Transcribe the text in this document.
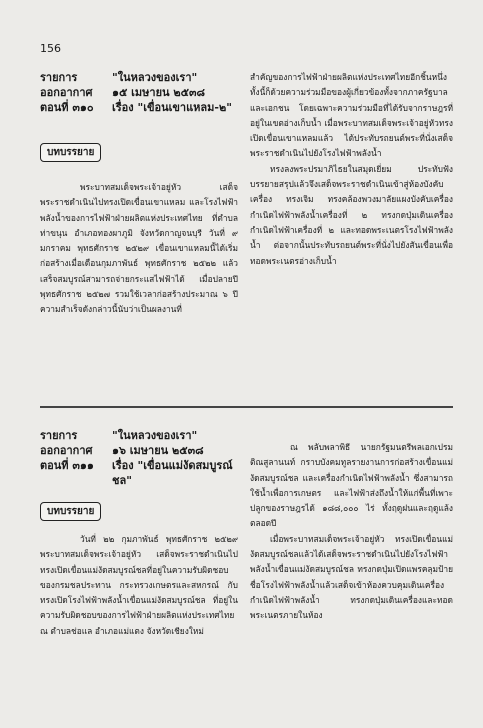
156
รายการ	"ในหลวงของเรา"
ออกอากาศ ๑๕ เมษายน ๒๕๓๘
ตอนที่ ๓๑๐ เรื่อง "เขื่อนเขาแหลม-๒"
บทบรรยาย

พระบาทสมเด็จพระเจ้าอยู่หัว เสด็จพระราชดำเนินไปทรงเปิดเขื่อนเขาแหลม และโรงไฟฟ้าพลังน้ำของการไฟฟ้าฝ่ายผลิตแห่งประเทศไทย ที่ตำบลท่าขนุน อำเภอทองผาภูมิ จังหวัดกาญจนบุรี วันที่ ๙ มกราคม พุทธศักราช ๒๕๒๙ เขื่อนเขาแหลมนี้ได้เริ่มก่อสร้างเมื่อเดือนกุมภาพันธ์ พุทธศักราช ๒๕๒๒ แล้วเสร็จสมบูรณ์สามารถจ่ายกระแสไฟฟ้าได้ เมื่อปลายปีพุทธศักราช ๒๕๒๗ รวมใช้เวลาก่อสร้างประมาณ ๖ ปี ความสำเร็จดังกล่าวนี้นับว่าเป็นผลงานที่

สำคัญของการไฟฟ้าฝ่ายผลิตแห่งประเทศไทยอีกชิ้นหนึ่ง ทั้งนี้ก็ด้วยความร่วมมือของผู้เกี่ยวข้องทั้งจากภาครัฐบาลและเอกชน โดยเฉพาะความร่วมมือที่ได้รับจากราษฎรที่อยู่ในเขตอ่างเก็บน้ำ เมื่อพระบาทสมเด็จพระเจ้าอยู่หัวทรงเปิดเขื่อนเขาแหลมแล้ว ได้ประทับรถยนต์พระที่นั่งเสด็จพระราชดำเนินไปยังโรงไฟฟ้าพลังน้ำ

ทรงลงพระปรมาภิไธยในสมุดเยี่ยม ประทับฟังบรรยายสรุปแล้วจึงเสด็จพระราชดำเนินเข้าสู่ห้องบังคับเครื่อง ทรงเจิม ทรงคล้องพวงมาลัยแผงบังคับเครื่องกำเนิดไฟฟ้าพลังน้ำเครื่องที่ ๒ ทรงกดปุ่มเดินเครื่องกำเนิดไฟฟ้าเครื่องที่ ๒ และทอดพระเนตรโรงไฟฟ้าพลังน้ำ ต่อจากนั้นประทับรถยนต์พระที่นั่งไปยังสันเขื่อนเพื่อทอดพระเนตรอ่างเก็บน้ำ

รายการ	"ในหลวงของเรา"
ออกอากาศ ๑๖ เมษายน ๒๕๓๘
ตอนที่ ๓๑๑ เรื่อง "เขื่อนแม่งัดสมบูรณ์
ชล"
บทบรรยาย

วันที่ ๒๒ กุมภาพันธ์ พุทธศักราช ๒๕๒๙ พระบาทสมเด็จพระเจ้าอยู่หัว เสด็จพระราชดำเนินไปทรงเปิดเขื่อนแม่งัดสมบูรณ์ชลที่อยู่ในความรับผิดชอบของกรมชลประทาน กระทรวงเกษตรและสหกรณ์ กับทรงเปิดโรงไฟฟ้าพลังน้ำเขื่อนแม่งัดสมบูรณ์ชล ที่อยู่ในความรับผิดชอบของการไฟฟ้าฝ่ายผลิตแห่งประเทศไทย ณ ตำบลช่อแล อำเภอแม่แตง จังหวัดเชียงใหม่

ณ พลับพลาพิธี นายกรัฐมนตรีพลเอกเปรม ติณสูลานนท์ กราบบังคมทูลรายงานการก่อสร้างเขื่อนแม่งัดสมบูรณ์ชล และเครื่องกำเนิดไฟฟ้าพลังน้ำ ซึ่งสามารถใช้น้ำเพื่อการเกษตร และไฟฟ้าส่งถึงน้ำให้แก่พื้นที่เพาะปลูกของราษฎรได้ ๑๘๘,๐๐๐ ไร่ ทั้งฤดูฝนและฤดูแล้งตลอดปี

เมื่อพระบาทสมเด็จพระเจ้าอยู่หัว ทรงเปิดเขื่อนแม่งัดสมบูรณ์ชลแล้วได้เสด็จพระราชดำเนินไปยังโรงไฟฟ้าพลังน้ำเขื่อนแม่งัดสมบูรณ์ชล ทรงกดปุ่มเปิดแพรคลุมป้ายชื่อโรงไฟฟ้าพลังน้ำแล้วเสด็จเข้าห้องควบคุมเดินเครื่องกำเนิดไฟฟ้าพลังน้ำ ทรงกดปุ่มเดินเครื่องและทอดพระเนตรภายในห้อง
